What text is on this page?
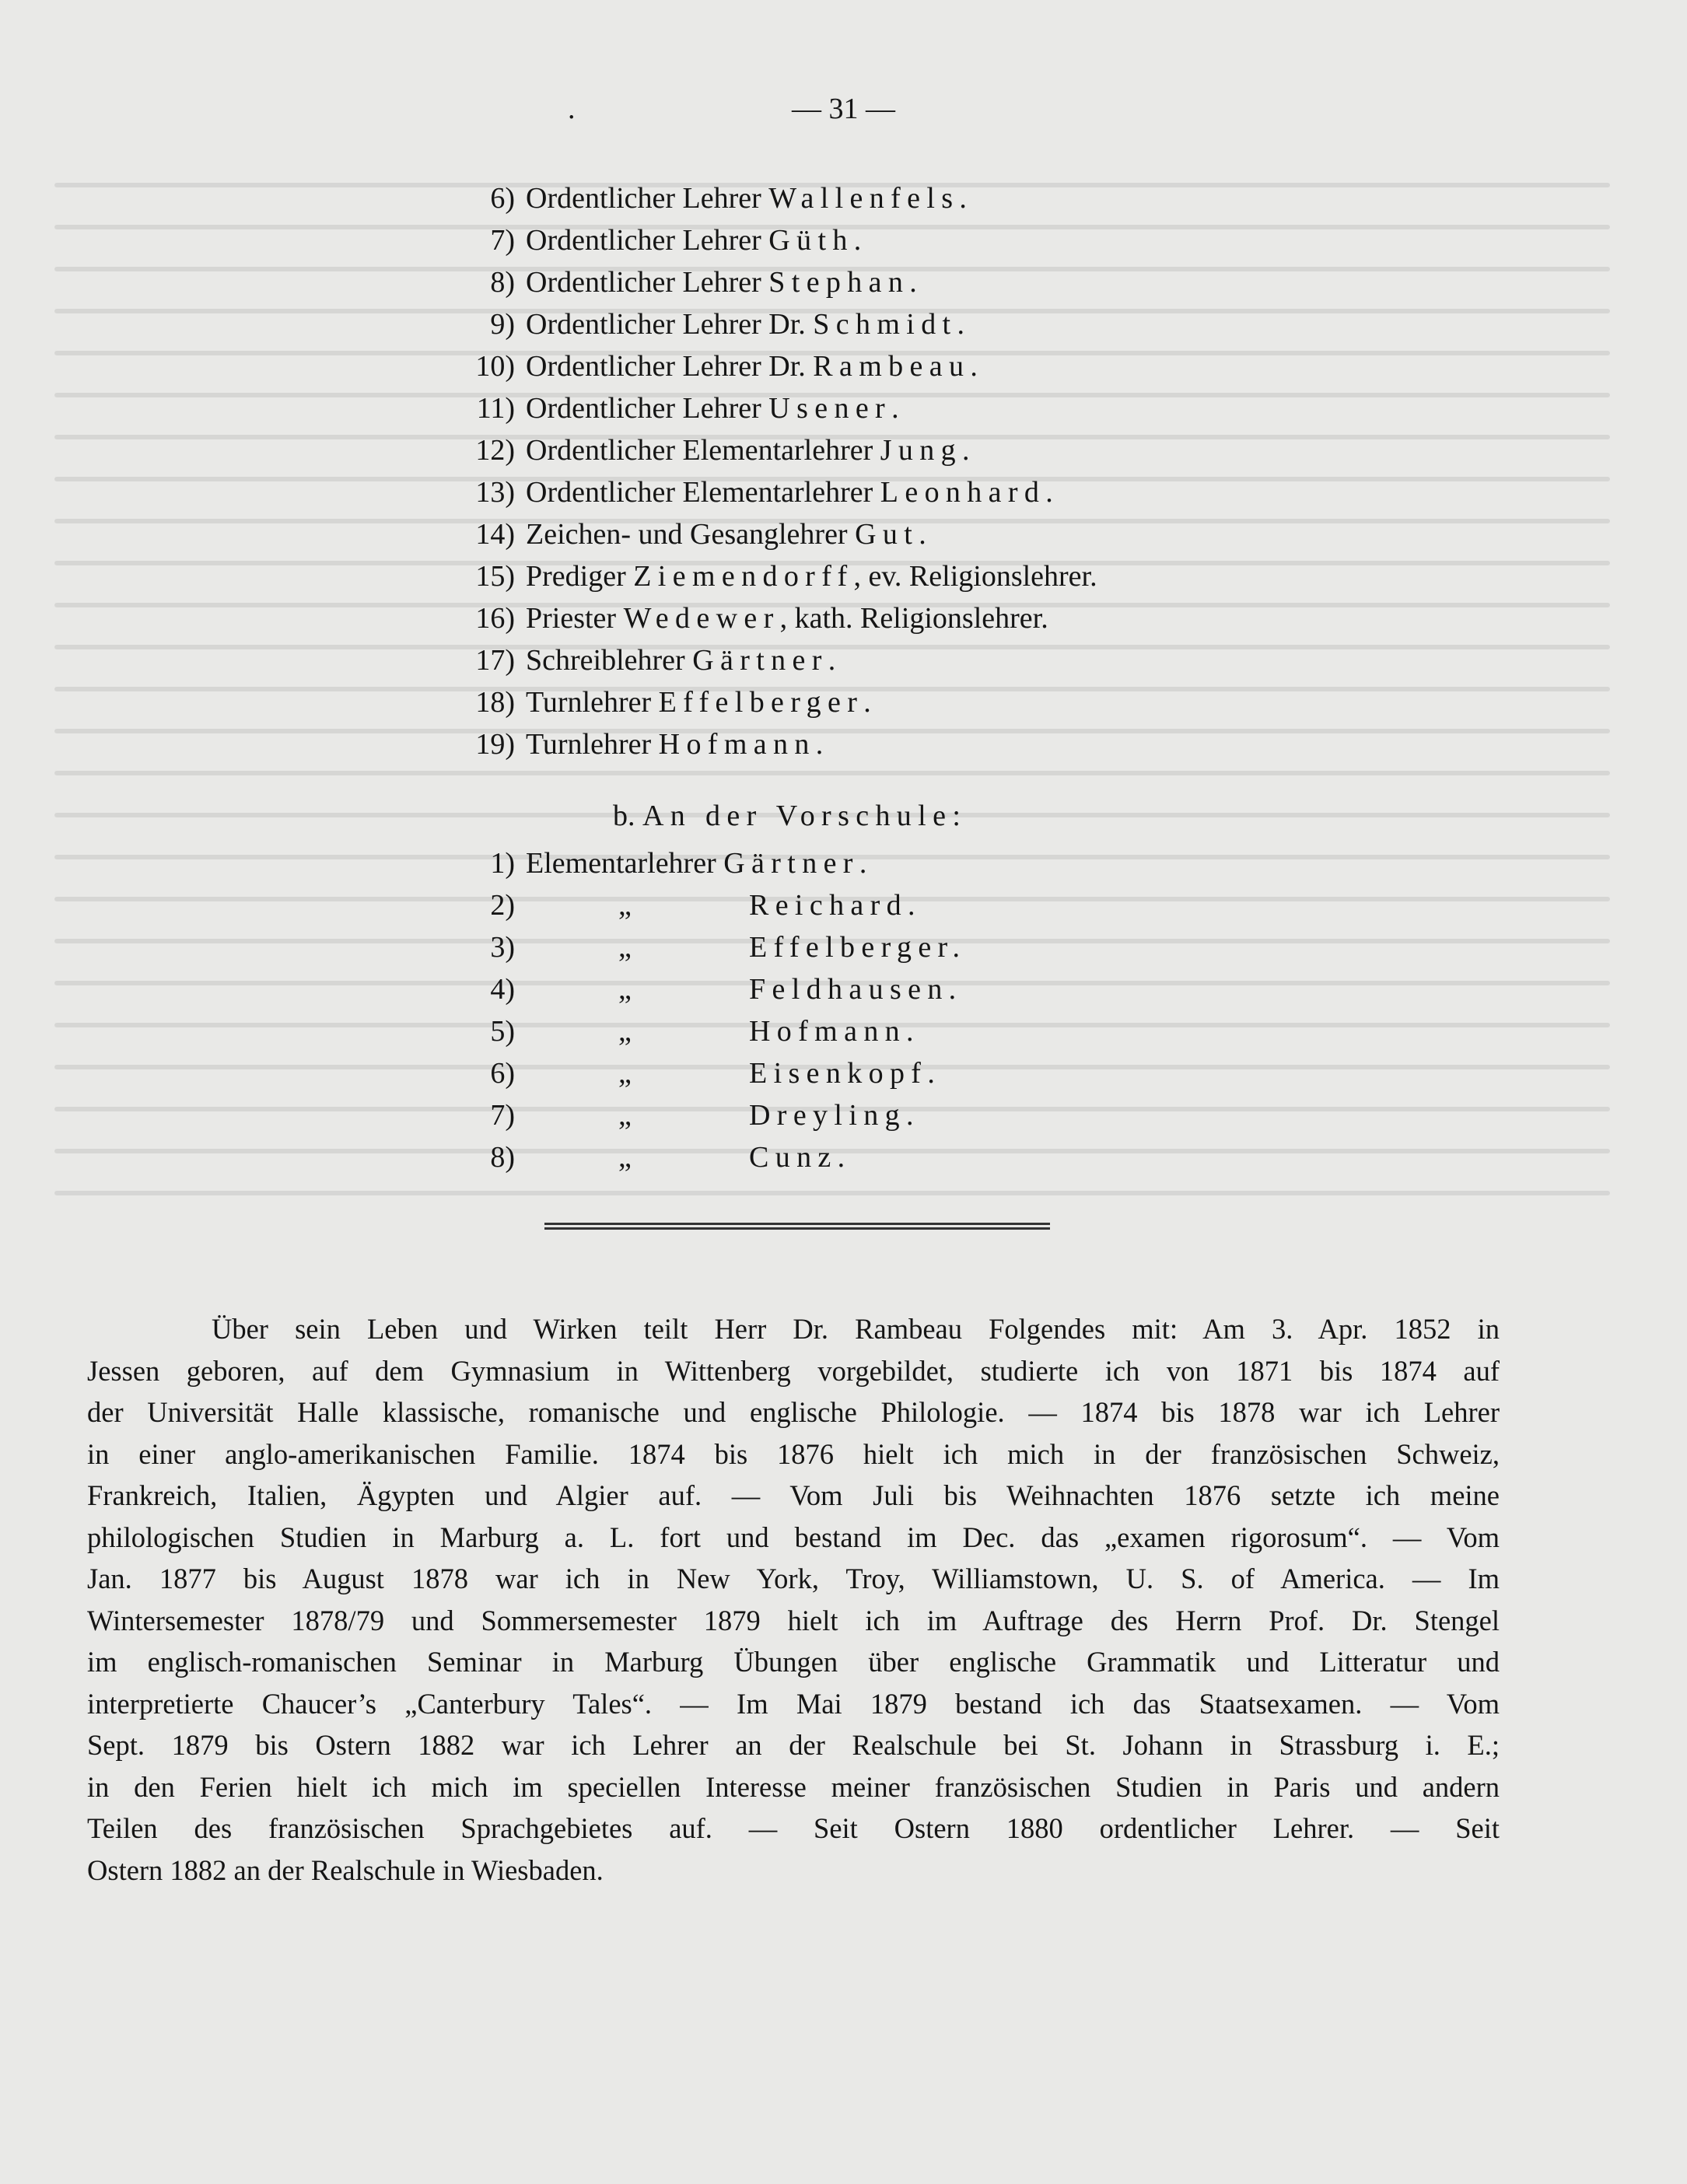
.	— 31 —
6) Ordentlicher Lehrer Wallenfels.
7) Ordentlicher Lehrer Güth.
8) Ordentlicher Lehrer Stephan.
9) Ordentlicher Lehrer Dr. Schmidt.
10) Ordentlicher Lehrer Dr. Rambeau.
11) Ordentlicher Lehrer Usener.
12) Ordentlicher Elementarlehrer Jung.
13) Ordentlicher Elementarlehrer Leonhard.
14) Zeichen- und Gesanglehrer Gut.
15) Prediger Ziemendorff, ev. Religionslehrer.
16) Priester Wedewer, kath. Religionslehrer.
17) Schreiblehrer Gärtner.
18) Turnlehrer Effelberger.
19) Turnlehrer Hofmann.
b. An der Vorschule:
1) Elementarlehrer Gärtner.
2)	„	Reichard.
3)	„	Effelberger.
4)	„	Feldhausen.
5)	„	Hofmann.
6)	„	Eisenkopf.
7)	„	Dreyling.
8)	„	Cunz.
Über sein Leben und Wirken teilt Herr Dr. Rambeau Folgendes mit: Am 3. Apr. 1852 in
Jessen geboren, auf dem Gymnasium in Wittenberg vorgebildet, studierte ich von 1871 bis 1874 auf
der Universität Halle klassische, romanische und englische Philologie. — 1874 bis 1878 war ich Lehrer
in einer anglo-amerikanischen Familie. 1874 bis 1876 hielt ich mich in der französischen Schweiz,
Frankreich, Italien, Ägypten und Algier auf. — Vom Juli bis Weihnachten 1876 setzte ich meine
philologischen Studien in Marburg a. L. fort und bestand im Dec. das „examen rigorosum“. — Vom
Jan. 1877 bis August 1878 war ich in New York, Troy, Williamstown, U. S. of America. — Im
Wintersemester 1878/79 und Sommersemester 1879 hielt ich im Auftrage des Herrn Prof. Dr. Stengel
im englisch-romanischen Seminar in Marburg Übungen über englische Grammatik und Litteratur und
interpretierte Chaucer’s „Canterbury Tales“. — Im Mai 1879 bestand ich das Staatsexamen. — Vom
Sept. 1879 bis Ostern 1882 war ich Lehrer an der Realschule bei St. Johann in Strassburg i. E.;
in den Ferien hielt ich mich im speciellen Interesse meiner französischen Studien in Paris und andern
Teilen des französischen Sprachgebietes auf. — Seit Ostern 1880 ordentlicher Lehrer. — Seit
Ostern 1882 an der Realschule in Wiesbaden.
